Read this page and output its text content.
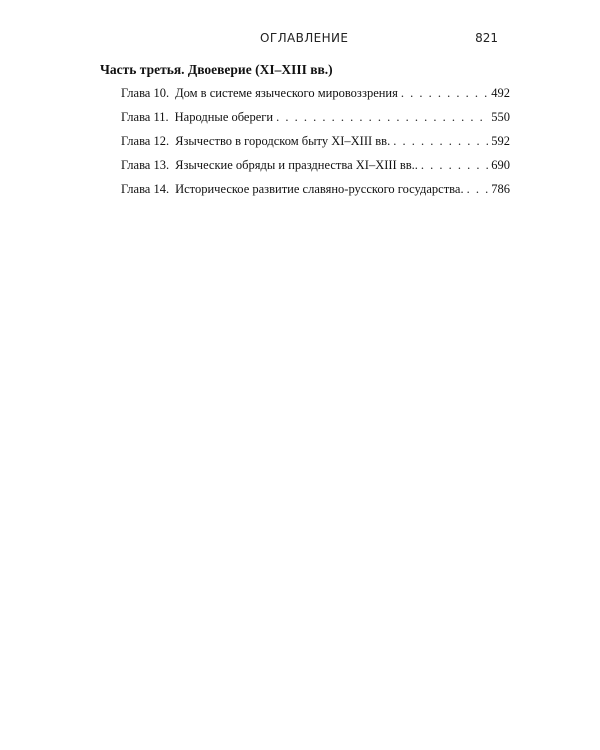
ОГЛАВЛЕНИЕ	821
Часть третья. Двоеверие (XI–XIII вв.)
Глава 10. Дом в системе языческого мировоззрения . . .	492
Глава 11. Народные обереги . . .	550
Глава 12. Язычество в городском быту XI–XIII вв. . . .	592
Глава 13. Языческие обряды и празднества XI–XIII вв.. . . .	690
Глава 14. Историческое развитие славяно-русского государства. . . . 786
